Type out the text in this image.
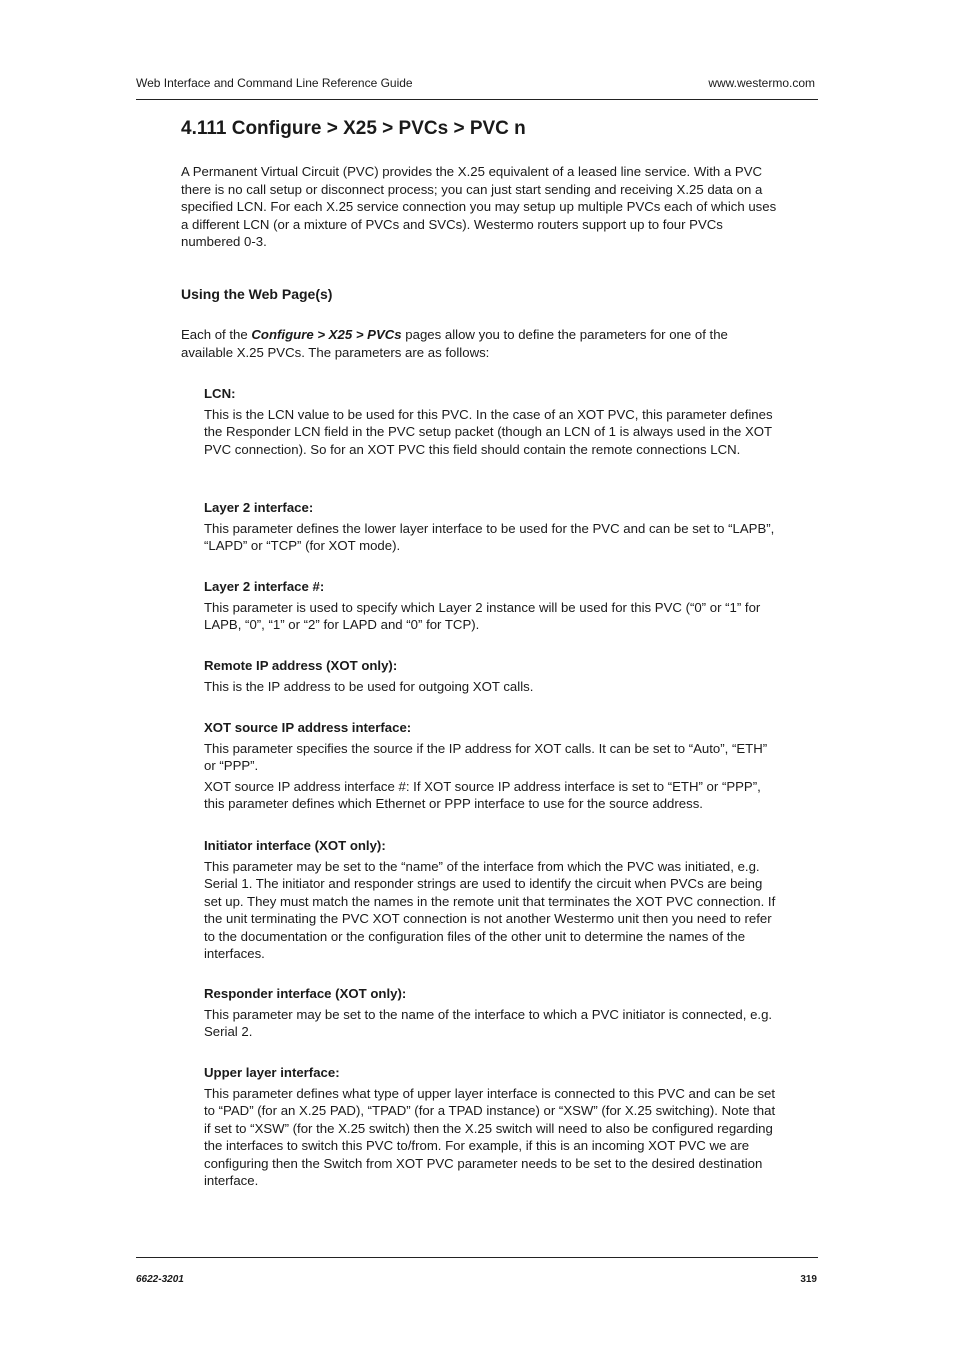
Web Interface and Command Line Reference Guide	www.westermo.com
4.111 Configure > X25 > PVCs > PVC n

A Permanent Virtual Circuit (PVC) provides the X.25 equivalent of a leased line service. With a PVC there is no call setup or disconnect process; you can just start sending and receiving X.25 data on a specified LCN. For each X.25 service connection you may setup up multiple PVCs each of which uses a different LCN (or a mixture of PVCs and SVCs). Westermo routers support up to four PVCs numbered 0-3.

Using the Web Page(s)

Each of the Configure > X25 > PVCs pages allow you to define the parameters for one of the available X.25 PVCs. The parameters are as follows:

LCN:

This is the LCN value to be used for this PVC. In the case of an XOT PVC, this parameter defines the Responder LCN field in the PVC setup packet (though an LCN of 1 is always used in the XOT PVC connection). So for an XOT PVC this field should contain the remote connections LCN.

Layer 2 interface:

This parameter defines the lower layer interface to be used for the PVC and can be set to “LAPB”, “LAPD” or “TCP” (for XOT mode).

Layer 2 interface #:

This parameter is used to specify which Layer 2 instance will be used for this PVC (“0” or “1” for LAPB, “0”, “1” or “2” for LAPD and “0” for TCP).

Remote IP address (XOT only):

This is the IP address to be used for outgoing XOT calls.

XOT source IP address interface:

This parameter specifies the source if the IP address for XOT calls. It can be set to “Auto”, “ETH” or “PPP”.

XOT source IP address interface #: If XOT source IP address interface is set to “ETH” or “PPP”, this parameter defines which Ethernet or PPP interface to use for the source address.

Initiator interface (XOT only):

This parameter may be set to the “name” of the interface from which the PVC was initiated, e.g. Serial 1. The initiator and responder strings are used to identify the circuit when PVCs are being set up. They must match the names in the remote unit that terminates the XOT PVC connection. If the unit terminating the PVC XOT connection is not another Westermo unit then you need to refer to the documentation or the configuration files of the other unit to determine the names of the interfaces.

Responder interface (XOT only):

This parameter may be set to the name of the interface to which a PVC initiator is connected, e.g. Serial 2.

Upper layer interface:

This parameter defines what type of upper layer interface is connected to this PVC and can be set to “PAD” (for an X.25 PAD), “TPAD” (for a TPAD instance) or “XSW” (for X.25 switching). Note that if set to “XSW” (for the X.25 switch) then the X.25 switch will need to also be configured regarding the interfaces to switch this PVC to/from. For example, if this is an incoming XOT PVC we are configuring then the Switch from XOT PVC parameter needs to be set to the desired destination interface.

6622-3201	319
